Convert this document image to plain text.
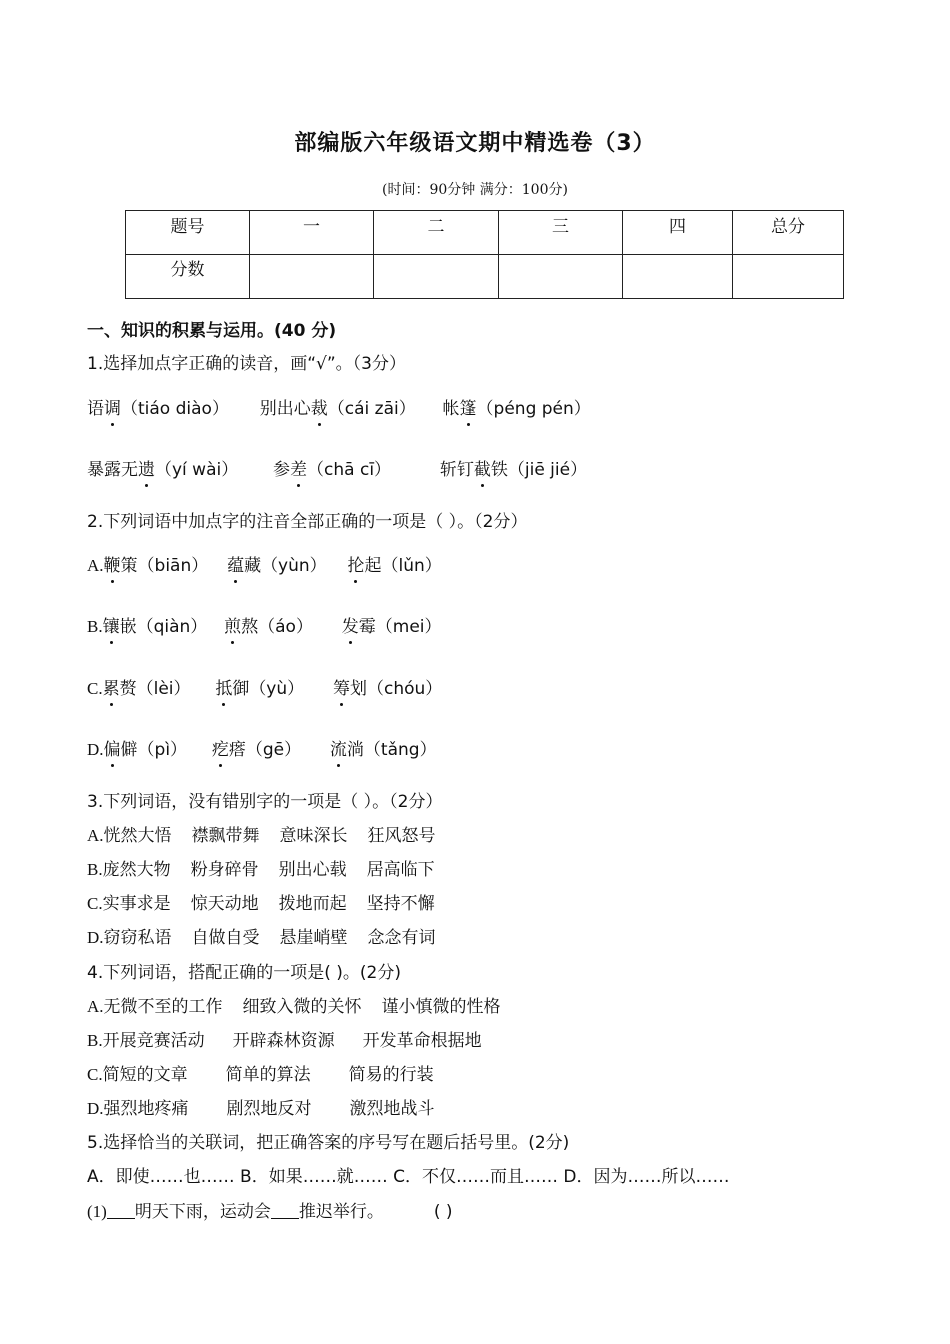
部编版六年级语文期中精选卷（3）
(时间：90分钟 满分：100分)
题号	一	二	三	四	总分
分数					
一、知识的积累与运用。(40 分)
1.选择加点字正确的读音，画“√”。（3分）
语调（tiáo diào） 别出心裁（cái zāi） 帐篷（péng pén）
暴露无遗（yí wài） 参差（chā cī）	斩钉截铁（jiē jié）
2.下列词语中加点字的注音全部正确的一项是（ ）。（2分）
A.鞭策（biān） 蕴藏（yùn） 抡起（lǔn）
B.镶嵌（qiàn） 煎熬（áo） 发霉（mei）
C.累赘（lèi） 抵御（yù） 筹划（chóu）
D.偏僻（pì） 疙瘩（gē） 流淌（tǎng）
3.下列词语，没有错别字的一项是（ ）。（2分）
A.恍然大悟 襟飘带舞 意味深长 狂风怒号
B.庞然大物 粉身碎骨 别出心载 居高临下
C.实事求是 惊天动地 拨地而起 坚持不懈
D.窃窃私语 自做自受 悬崖峭壁 念念有词
4.下列词语，搭配正确的一项是( )。(2分)
A.无微不至的工作 细致入微的关怀 谨小慎微的性格
B.开展竞赛活动 开辟森林资源 开发革命根据地
C.简短的文章 简单的算法 简易的行装
D.强烈地疼痛 剧烈地反对 激烈地战斗
5.选择恰当的关联词，把正确答案的序号写在题后括号里。(2分)
A．即使……也…… B．如果……就…… C．不仅……而且…… D．因为……所以……
(1) 明天下雨，运动会 推迟举行。	( )
